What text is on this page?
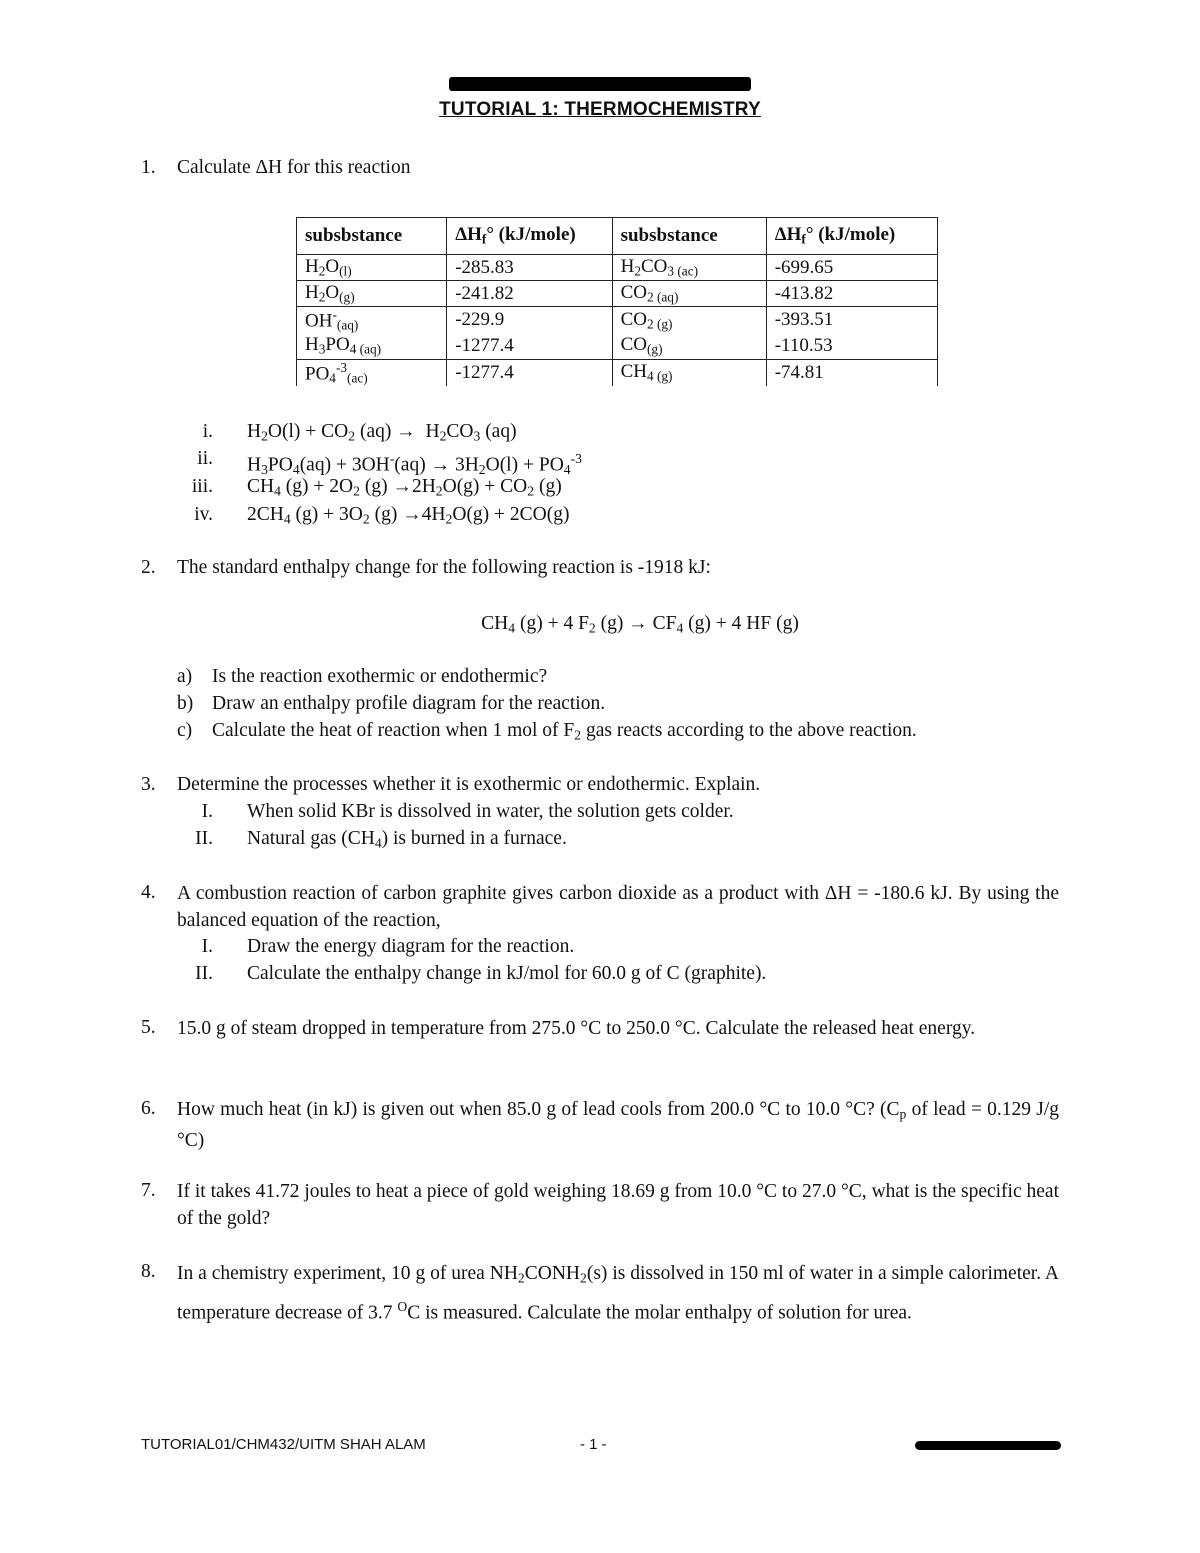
TUTORIAL 1: THERMOCHEMISTRY
1. Calculate ΔH for this reaction
subsbstance	$\Delta H_f^\circ$ (kJ/mole)	subsbstance	$\Delta H_f^\circ$ (kJ/mole)
$H_2O_{(l)}$	-285.83	$H_2CO_{3 (ac)}$	-699.65
$H_2O_{(g)}$	-241.82	$CO_{2 (aq)}$	-413.82
$OH^-_{(aq)}$	-229.9	$CO_{2 (g)}$	-393.51
$H_3PO_{4 (aq)}$	-1277.4	$CO_{(g)}$	-110.53
$PO_4^{-3}_{(ac)}$	-1277.4	$CH_{4 (g)}$	-74.81
i. $H_2O(l) + CO_2$ $(aq) \to H_2CO_3$ (aq)
ii. $H_3PO_4(aq) + 3OH^-(aq) \to 3H_2O(l) + PO_4^{-3}$
iii. $CH_4$ $(g) + 2O_2$ $(g) \to 2H_2O(g) + CO_2$ (g)
iv. $2CH_4$ $(g) + 3O_2$ $(g) \to 4H_2O(g) + 2CO(g)$
2. The standard enthalpy change for the following reaction is -1918 kJ:
$CH_4$ (g) + 4 $F_2$ $(g) \to CF_4$ (g) + 4 HF (g)
a) Is the reaction exothermic or endothermic?
b) Draw an enthalpy profile diagram for the reaction.
c) Calculate the heat of reaction when 1 mol of $F_2$ gas reacts according to the above reaction.
3. Determine the processes whether it is exothermic or endothermic. Explain.
I. When solid KBr is dissolved in water, the solution gets colder.
II. Natural gas $(CH_4)$ is burned in a furnace.
4. A combustion reaction of carbon graphite gives carbon dioxide as a product with ΔH = -180.6 kJ. By using the balanced equation of the reaction,
I. Draw the energy diagram for the reaction.
II. Calculate the enthalpy change in kJ/mol for 60.0 g of C (graphite).
5. 15.0 g of steam dropped in temperature from 275.0 °C to 250.0 °C. Calculate the released heat energy.
6. How much heat (in kJ) is given out when 85.0 g of lead cools from 200.0 °C to 10.0 °C? ($C_p$ of lead = 0.129 J/g °C)
7. If it takes 41.72 joules to heat a piece of gold weighing 18.69 g from 10.0 °C to 27.0 °C, what is the specific heat of the gold?
8. In a chemistry experiment, 10 g of urea $NH_2CONH_2(s)$ is dissolved in 150 ml of water in a simple calorimeter. A temperature decrease of 3.7 $^O$C is measured. Calculate the molar enthalpy of solution for urea.
TUTORIAL01/CHM432/UITM SHAH ALAM	- 1 -
